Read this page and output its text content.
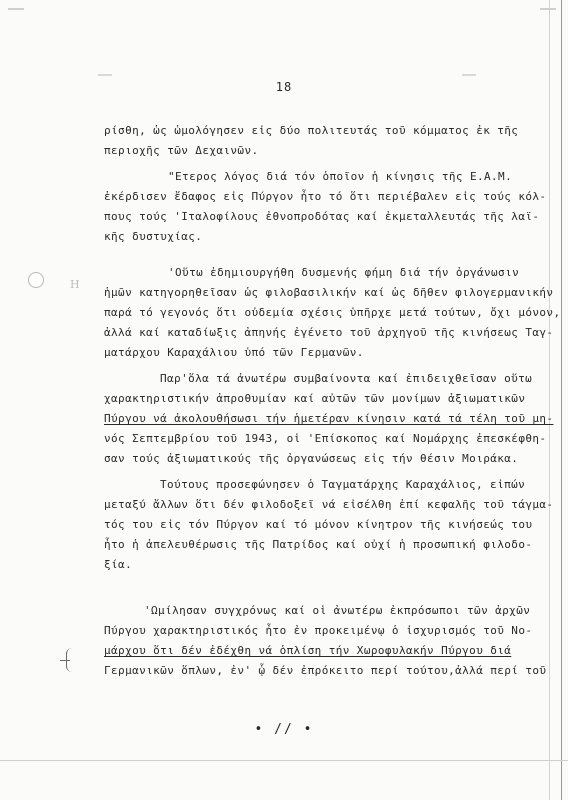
H
18
ρίσθη, ὡς ὡμολόγησεν εἰς δύο πολιτευτάς τοῦ κόμματος ἐκ τῆς
περιοχῆς τῶν Δεχαινῶν.
"Ετερος λόγος διά τόν ὁποῖον ἡ κίνησις τῆς Ε.Α.Μ.
ἐκέρδισεν ἔδαφος εἰς Πύργον ἦτο τό ὅτι περιέβαλεν εἰς τούς κόλ-
πους τούς 'Ιταλοφίλους ἐθνοπροδότας καί ἐκμεταλλευτάς τῆς λαϊ-
κῆς δυστυχίας.
'Οὕτω ἐδημιουργήθη δυσμενής φήμη διά τήν ὀργάνωσιν
ἡμῶν κατηγορηθεῖσαν ὡς φιλοβασιλικήν καί ὡς δῆθεν φιλογερμανικήν
παρά τό γεγονός ὅτι οὐδεμία σχέσις ὑπῆρχε μετά τούτων, ὄχι μόνον,
ἀλλά καί καταδίωξις ἀπηνής ἐγένετο τοῦ ἀρχηγοῦ τῆς κινήσεως Ταγ-
ματάρχου Καραχάλιου ὑπό τῶν Γερμανῶν.
Παρ'ὅλα τά ἀνωτέρω συμβαίνοντα καί ἐπιδειχθεῖσαν οὕτω
χαρακτηριστικήν ἀπροθυμίαν καί αὐτῶν τῶν μονίμων ἀξιωματικῶν
Πύργου νά ἀκολουθήσωσι τήν ἡμετέραν κίνησιν κατά τά τέλη τοῦ μη-
νός Σεπτεμβρίου τοῦ 1943, οἱ 'Επίσκοπος καί Νομάρχης ἐπεσκέφθη-
σαν τούς ἀξιωματικούς τῆς ὀργανώσεως εἰς τήν θέσιν Μοιράκα.
Τούτους προσεφώνησεν ὁ Ταγματάρχης Καραχάλιος, εἰπών
μεταξύ ἄλλων ὅτι δέν φιλοδοξεῖ νά εἰσέλθη ἐπί κεφαλῆς τοῦ τάγμα-
τός του εἰς τόν Πύργον καί τό μόνον κίνητρον τῆς κινήσεώς του
ἦτο ἡ ἀπελευθέρωσις τῆς Πατρίδος καί οὐχί ἡ προσωπική φιλοδο-
ξία.
'Ωμίλησαν συγχρόνως καί οἱ ἀνωτέρω ἐκπρόσωποι τῶν ἀρχῶν
Πύργου χαρακτηριστικός ἦτο ἐν προκειμένῳ ὁ ἰσχυρισμός τοῦ Νο-
μάρχου ὅτι δέν ἐδέχθη νά ὁπλίση τήν Χωροφυλακήν Πύργου διά
Γερμανικῶν ὅπλων, ἐν' ᾧ δέν ἐπρόκειτο περί τούτου,ἀλλά περί τοῦ
• // •
